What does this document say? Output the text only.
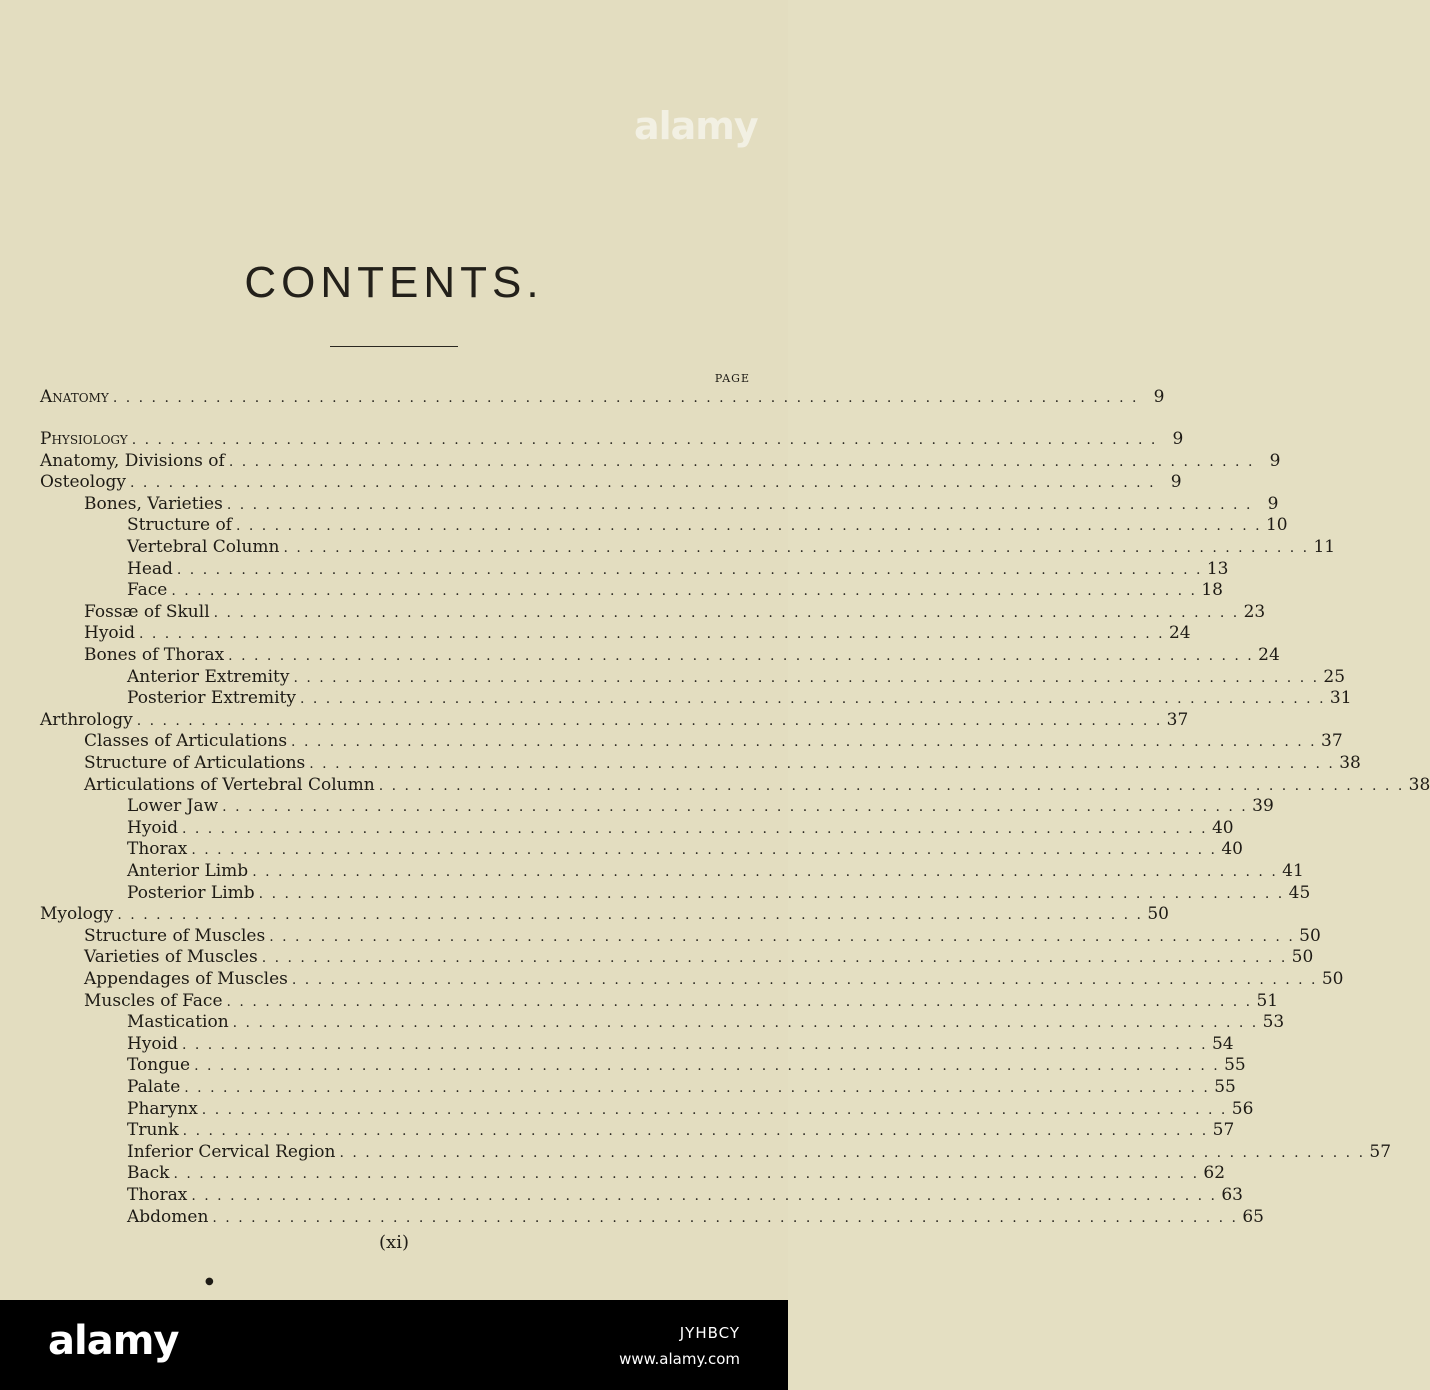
alamy
CONTENTS.
PAGE
Anatomy . . . . . . . . . . . . . . . . . . . . . . . . . . . . . . . . . . . . . . . . . . . . . . . . . . . . . . . . . . . . . . . . . . . . . . . . . . . . . . . . 9
Physiology . . . . . . . . . . . . . . . . . . . . . . . . . . . . . . . . . . . . . . . . . . . . . . . . . . . . . . . . . . . . . . . . . . . . . . . . . . . . . . . . 9
Anatomy, Divisions of . . . . . . . . . . . . . . . . . . . . . . . . . . . . . . . . . . . . . . . . . . . . . . . . . . . . . . . . . . . . . . . . . . . . . . . . . . . . . . . . 9
Osteology . . . . . . . . . . . . . . . . . . . . . . . . . . . . . . . . . . . . . . . . . . . . . . . . . . . . . . . . . . . . . . . . . . . . . . . . . . . . . . . . 9
Bones, Varieties . . . . . . . . . . . . . . . . . . . . . . . . . . . . . . . . . . . . . . . . . . . . . . . . . . . . . . . . . . . . . . . . . . . . . . . . . . . . . . . . 9
Structure of . . . . . . . . . . . . . . . . . . . . . . . . . . . . . . . . . . . . . . . . . . . . . . . . . . . . . . . . . . . . . . . . . . . . . . . . . . . . . . . . 10
Vertebral Column . . . . . . . . . . . . . . . . . . . . . . . . . . . . . . . . . . . . . . . . . . . . . . . . . . . . . . . . . . . . . . . . . . . . . . . . . . . . . . . . 11
Head . . . . . . . . . . . . . . . . . . . . . . . . . . . . . . . . . . . . . . . . . . . . . . . . . . . . . . . . . . . . . . . . . . . . . . . . . . . . . . . . 13
Face . . . . . . . . . . . . . . . . . . . . . . . . . . . . . . . . . . . . . . . . . . . . . . . . . . . . . . . . . . . . . . . . . . . . . . . . . . . . . . . . 18
Fossæ of Skull . . . . . . . . . . . . . . . . . . . . . . . . . . . . . . . . . . . . . . . . . . . . . . . . . . . . . . . . . . . . . . . . . . . . . . . . . . . . . . . . 23
Hyoid . . . . . . . . . . . . . . . . . . . . . . . . . . . . . . . . . . . . . . . . . . . . . . . . . . . . . . . . . . . . . . . . . . . . . . . . . . . . . . . . 24
Bones of Thorax . . . . . . . . . . . . . . . . . . . . . . . . . . . . . . . . . . . . . . . . . . . . . . . . . . . . . . . . . . . . . . . . . . . . . . . . . . . . . . . . 24
Anterior Extremity . . . . . . . . . . . . . . . . . . . . . . . . . . . . . . . . . . . . . . . . . . . . . . . . . . . . . . . . . . . . . . . . . . . . . . . . . . . . . . . . 25
Posterior Extremity . . . . . . . . . . . . . . . . . . . . . . . . . . . . . . . . . . . . . . . . . . . . . . . . . . . . . . . . . . . . . . . . . . . . . . . . . . . . . . . . 31
Arthrology . . . . . . . . . . . . . . . . . . . . . . . . . . . . . . . . . . . . . . . . . . . . . . . . . . . . . . . . . . . . . . . . . . . . . . . . . . . . . . . . 37
Classes of Articulations . . . . . . . . . . . . . . . . . . . . . . . . . . . . . . . . . . . . . . . . . . . . . . . . . . . . . . . . . . . . . . . . . . . . . . . . . . . . . . . . 37
Structure of Articulations . . . . . . . . . . . . . . . . . . . . . . . . . . . . . . . . . . . . . . . . . . . . . . . . . . . . . . . . . . . . . . . . . . . . . . . . . . . . . . . . 38
Articulations of Vertebral Column . . . . . . . . . . . . . . . . . . . . . . . . . . . . . . . . . . . . . . . . . . . . . . . . . . . . . . . . . . . . . . . . . . . . . . . . . . . . . . . . 38
Lower Jaw . . . . . . . . . . . . . . . . . . . . . . . . . . . . . . . . . . . . . . . . . . . . . . . . . . . . . . . . . . . . . . . . . . . . . . . . . . . . . . . . 39
Hyoid . . . . . . . . . . . . . . . . . . . . . . . . . . . . . . . . . . . . . . . . . . . . . . . . . . . . . . . . . . . . . . . . . . . . . . . . . . . . . . . . 40
Thorax . . . . . . . . . . . . . . . . . . . . . . . . . . . . . . . . . . . . . . . . . . . . . . . . . . . . . . . . . . . . . . . . . . . . . . . . . . . . . . . . 40
Anterior Limb . . . . . . . . . . . . . . . . . . . . . . . . . . . . . . . . . . . . . . . . . . . . . . . . . . . . . . . . . . . . . . . . . . . . . . . . . . . . . . . . 41
Posterior Limb . . . . . . . . . . . . . . . . . . . . . . . . . . . . . . . . . . . . . . . . . . . . . . . . . . . . . . . . . . . . . . . . . . . . . . . . . . . . . . . . 45
Myology . . . . . . . . . . . . . . . . . . . . . . . . . . . . . . . . . . . . . . . . . . . . . . . . . . . . . . . . . . . . . . . . . . . . . . . . . . . . . . . . 50
Structure of Muscles . . . . . . . . . . . . . . . . . . . . . . . . . . . . . . . . . . . . . . . . . . . . . . . . . . . . . . . . . . . . . . . . . . . . . . . . . . . . . . . . 50
Varieties of Muscles . . . . . . . . . . . . . . . . . . . . . . . . . . . . . . . . . . . . . . . . . . . . . . . . . . . . . . . . . . . . . . . . . . . . . . . . . . . . . . . . 50
Appendages of Muscles . . . . . . . . . . . . . . . . . . . . . . . . . . . . . . . . . . . . . . . . . . . . . . . . . . . . . . . . . . . . . . . . . . . . . . . . . . . . . . . . 50
Muscles of Face . . . . . . . . . . . . . . . . . . . . . . . . . . . . . . . . . . . . . . . . . . . . . . . . . . . . . . . . . . . . . . . . . . . . . . . . . . . . . . . . 51
Mastication . . . . . . . . . . . . . . . . . . . . . . . . . . . . . . . . . . . . . . . . . . . . . . . . . . . . . . . . . . . . . . . . . . . . . . . . . . . . . . . . 53
Hyoid . . . . . . . . . . . . . . . . . . . . . . . . . . . . . . . . . . . . . . . . . . . . . . . . . . . . . . . . . . . . . . . . . . . . . . . . . . . . . . . . 54
Tongue . . . . . . . . . . . . . . . . . . . . . . . . . . . . . . . . . . . . . . . . . . . . . . . . . . . . . . . . . . . . . . . . . . . . . . . . . . . . . . . . 55
Palate . . . . . . . . . . . . . . . . . . . . . . . . . . . . . . . . . . . . . . . . . . . . . . . . . . . . . . . . . . . . . . . . . . . . . . . . . . . . . . . . 55
Pharynx . . . . . . . . . . . . . . . . . . . . . . . . . . . . . . . . . . . . . . . . . . . . . . . . . . . . . . . . . . . . . . . . . . . . . . . . . . . . . . . . 56
Trunk . . . . . . . . . . . . . . . . . . . . . . . . . . . . . . . . . . . . . . . . . . . . . . . . . . . . . . . . . . . . . . . . . . . . . . . . . . . . . . . . 57
Inferior Cervical Region . . . . . . . . . . . . . . . . . . . . . . . . . . . . . . . . . . . . . . . . . . . . . . . . . . . . . . . . . . . . . . . . . . . . . . . . . . . . . . . . 57
Back . . . . . . . . . . . . . . . . . . . . . . . . . . . . . . . . . . . . . . . . . . . . . . . . . . . . . . . . . . . . . . . . . . . . . . . . . . . . . . . . 62
Thorax . . . . . . . . . . . . . . . . . . . . . . . . . . . . . . . . . . . . . . . . . . . . . . . . . . . . . . . . . . . . . . . . . . . . . . . . . . . . . . . . 63
Abdomen . . . . . . . . . . . . . . . . . . . . . . . . . . . . . . . . . . . . . . . . . . . . . . . . . . . . . . . . . . . . . . . . . . . . . . . . . . . . . . . . 65
(xi)
●
alamy	JYHBCY
www.alamy.com
